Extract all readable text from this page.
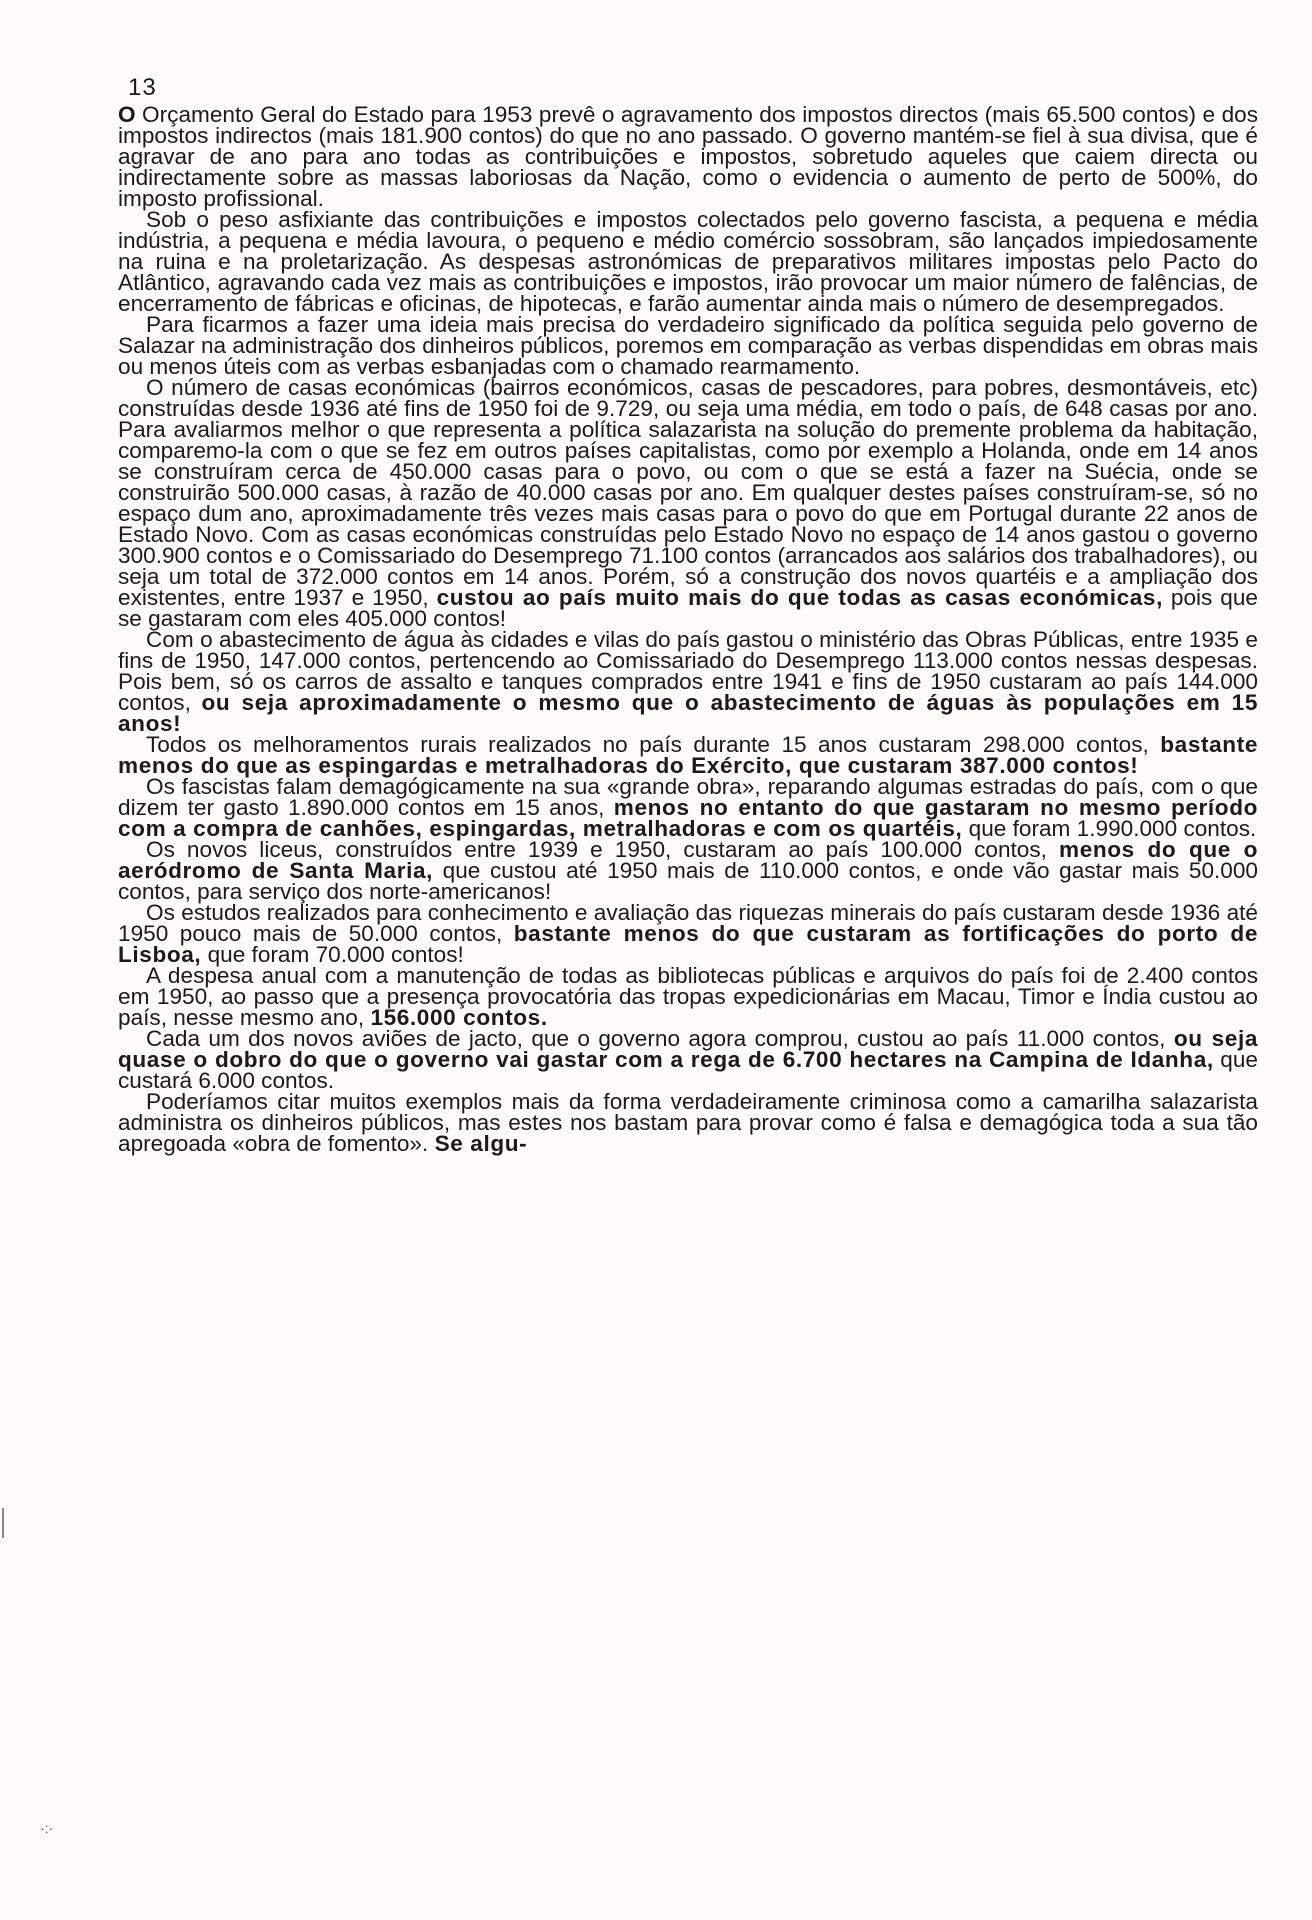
13

O Orçamento Geral do Estado para 1953 prevê o agravamento dos impostos directos (mais 65.500 contos) e dos impostos indirectos (mais 181.900 contos) do que no ano passado. O governo mantém-se fiel à sua divisa, que é agravar de ano para ano todas as contribuições e impostos, sobretudo aqueles que caiem directa ou indirectamente sobre as massas laboriosas da Nação, como o evidencia o aumento de perto de 500%, do imposto profissional.

Sob o peso asfixiante das contribuições e impostos colectados pelo governo fascista, a pequena e média indústria, a pequena e média lavoura, o pequeno e médio comércio sossobram, são lançados impiedosamente na ruina e na proletarização. As despesas astronómicas de preparativos militares impostas pelo Pacto do Atlântico, agravando cada vez mais as contribuições e impostos, irão provocar um maior número de falências, de encerramento de fábricas e oficinas, de hipotecas, e farão aumentar ainda mais o número de desempregados.

Para ficarmos a fazer uma ideia mais precisa do verdadeiro significado da política seguida pelo governo de Salazar na administração dos dinheiros públicos, poremos em comparação as verbas dispendidas em obras mais ou menos úteis com as verbas esbanjadas com o chamado rearmamento.

O número de casas económicas (bairros económicos, casas de pescadores, para pobres, desmontáveis, etc) construídas desde 1936 até fins de 1950 foi de 9.729, ou seja uma média, em todo o país, de 648 casas por ano. Para avaliarmos melhor o que representa a política salazarista na solução do premente problema da habitação, comparemo-la com o que se fez em outros países capitalistas, como por exemplo a Holanda, onde em 14 anos se construíram cerca de 450.000 casas para o povo, ou com o que se está a fazer na Suécia, onde se construirão 500.000 casas, à razão de 40.000 casas por ano. Em qualquer destes países construíram-se, só no espaço dum ano, aproximadamente três vezes mais casas para o povo do que em Portugal durante 22 anos de Estado Novo. Com as casas económicas construídas pelo Estado Novo no espaço de 14 anos gastou o governo 300.900 contos e o Comissariado do Desemprego 71.100 contos (arrancados aos salários dos trabalhadores), ou seja um total de 372.000 contos em 14 anos. Porém, só a construção dos novos quartéis e a ampliação dos existentes, entre 1937 e 1950, custou ao país muito mais do que todas as casas económicas, pois que se gastaram com eles 405.000 contos!

Com o abastecimento de água às cidades e vilas do país gastou o ministério das Obras Públicas, entre 1935 e fins de 1950, 147.000 contos, pertencendo ao Comissariado do Desemprego 113.000 contos nessas despesas. Pois bem, só os carros de assalto e tanques comprados entre 1941 e fins de 1950 custaram ao país 144.000 contos, ou seja aproximadamente o mesmo que o abastecimento de águas às populações em 15 anos!

Todos os melhoramentos rurais realizados no país durante 15 anos custaram 298.000 contos, bastante menos do que as espingardas e metralhadoras do Exército, que custaram 387.000 contos!

Os fascistas falam demagógicamente na sua «grande obra», reparando algumas estradas do país, com o que dizem ter gasto 1.890.000 contos em 15 anos, menos no entanto do que gastaram no mesmo período com a compra de canhões, espingardas, metralhadoras e com os quartéis, que foram 1.990.000 contos.

Os novos liceus, construídos entre 1939 e 1950, custaram ao país 100.000 contos, menos do que o aeródromo de Santa Maria, que custou até 1950 mais de 110.000 contos, e onde vão gastar mais 50.000 contos, para serviço dos norte-americanos!

Os estudos realizados para conhecimento e avaliação das riquezas minerais do país custaram desde 1936 até 1950 pouco mais de 50.000 contos, bastante menos do que custaram as fortificações do porto de Lisboa, que foram 70.000 contos!

A despesa anual com a manutenção de todas as bibliotecas públicas e arquivos do país foi de 2.400 contos em 1950, ao passo que a presença provocatória das tropas expedicionárias em Macau, Timor e Índia custou ao país, nesse mesmo ano, 156.000 contos.

Cada um dos novos aviões de jacto, que o governo agora comprou, custou ao país 11.000 contos, ou seja quase o dobro do que o governo vai gastar com a rega de 6.700 hectares na Campina de Idanha, que custará 6.000 contos.

Poderíamos citar muitos exemplos mais da forma verdadeiramente criminosa como a camarilha salazarista administra os dinheiros públicos, mas estes nos bastam para provar como é falsa e demagógica toda a sua tão apregoada «obra de fomento». Se algu-

·:·
